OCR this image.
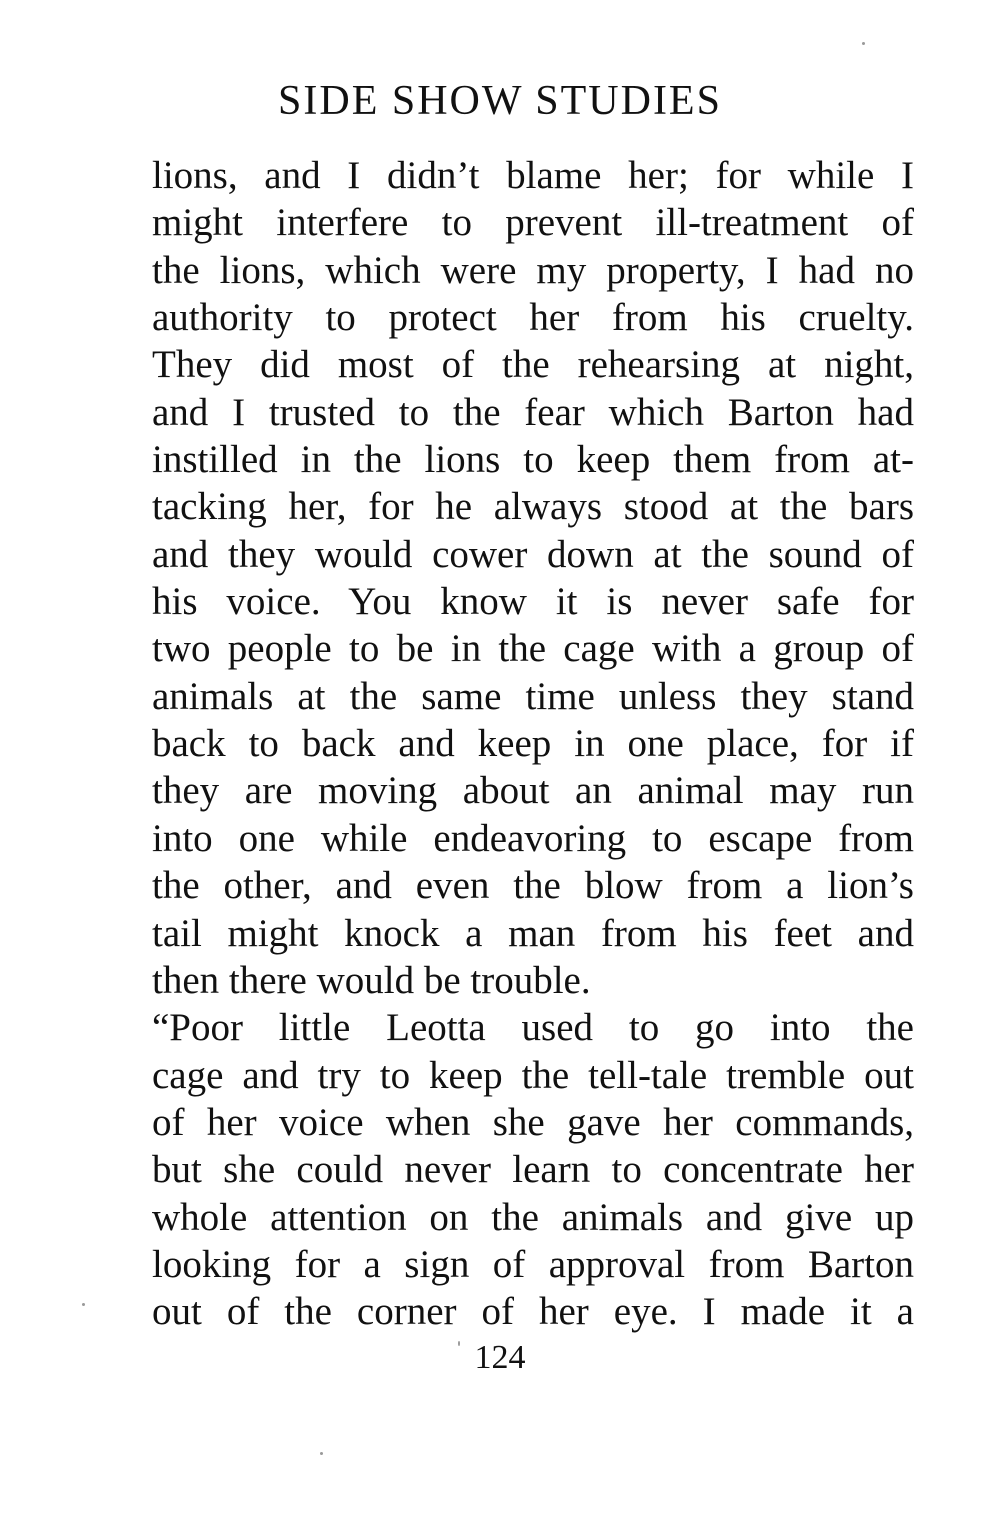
SIDE SHOW STUDIES
lions, and I didn’t blame her; for while I
might interfere to prevent ill-treatment of
the lions, which were my property, I had no
authority to protect her from his cruelty.
They did most of the rehearsing at night,
and I trusted to the fear which Barton had
instilled in the lions to keep them from at-
tacking her, for he always stood at the bars
and they would cower down at the sound of
his voice. You know it is never safe for
two people to be in the cage with a group of
animals at the same time unless they stand
back to back and keep in one place, for if
they are moving about an animal may run
into one while endeavoring to escape from
the other, and even the blow from a lion’s
tail might knock a man from his feet and
then there would be trouble.
“Poor little Leotta used to go into the
cage and try to keep the tell-tale tremble out
of her voice when she gave her commands,
but she could never learn to concentrate her
whole attention on the animals and give up
looking for a sign of approval from Barton
out of the corner of her eye. I made it a
124
